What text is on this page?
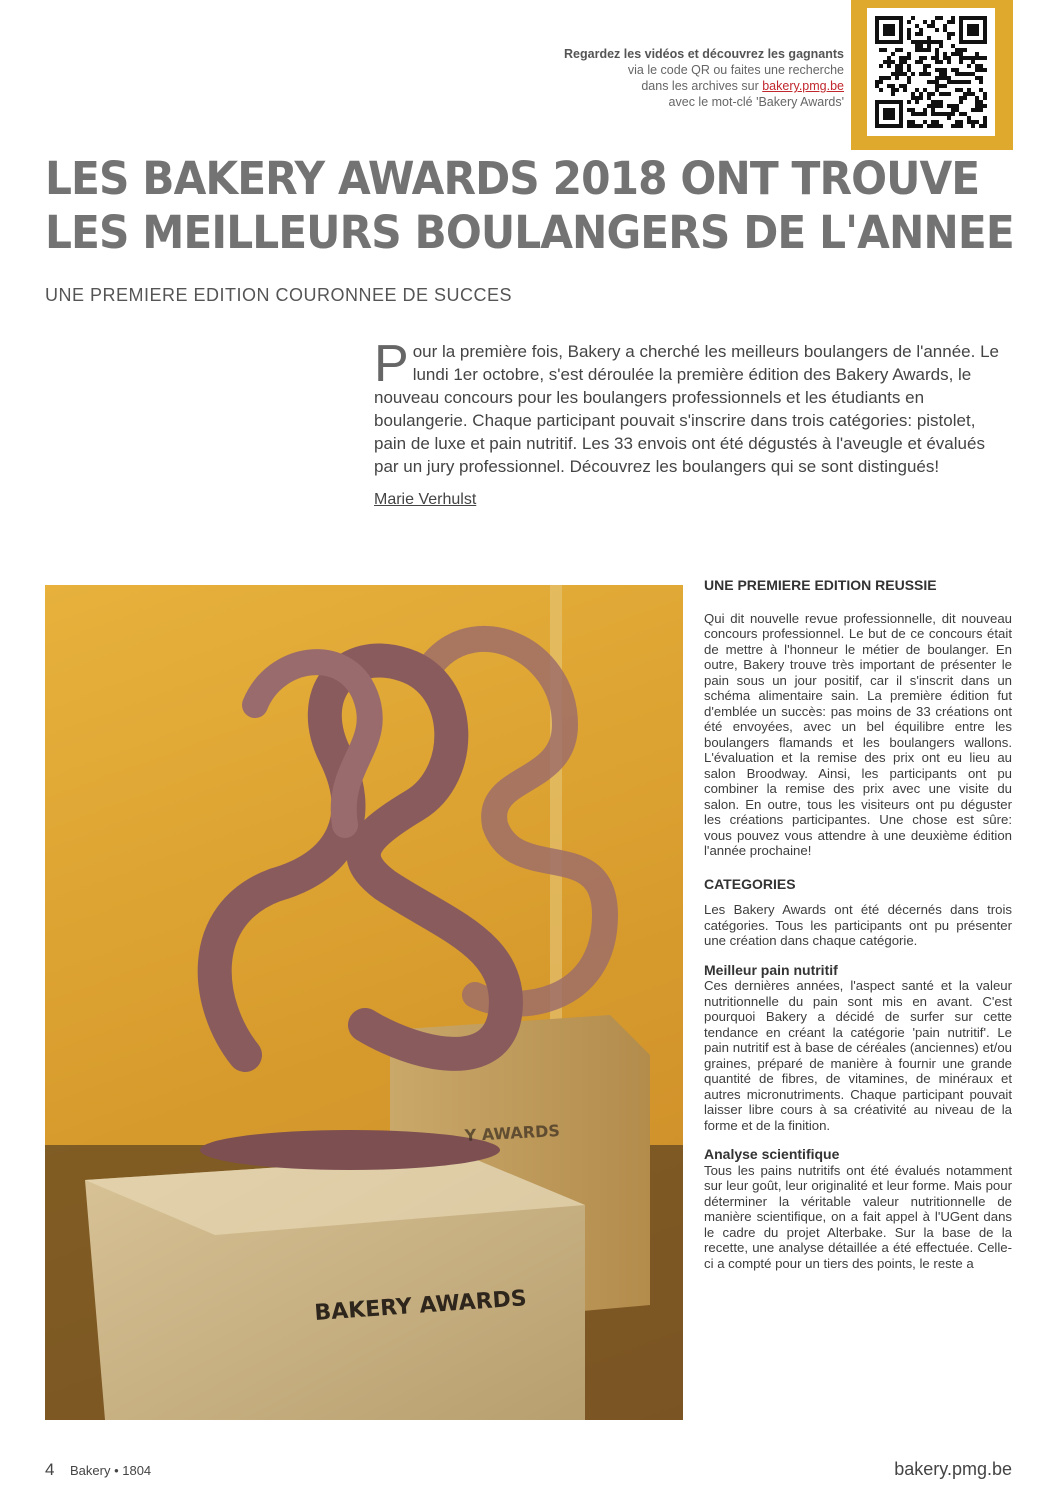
Regardez les vidéos et découvrez les gagnants
via le code QR ou faites une recherche
dans les archives sur bakery.pmg.be
avec le mot-clé 'Bakery Awards'
LES BAKERY AWARDS 2018 ONT TROUVE
LES MEILLEURS BOULANGERS DE L'ANNEE
UNE PREMIERE EDITION COURONNEE DE SUCCES

Pour la première fois, Bakery a cherché les meilleurs boulangers de l'année. Le lundi 1er octobre, s'est déroulée la première édition des Bakery Awards, le nouveau concours pour les boulangers professionnels et les étudiants en boulangerie. Chaque participant pouvait s'inscrire dans trois catégories: pistolet, pain de luxe et pain nutritif. Les 33 envois ont été dégustés à l'aveugle et évalués par un jury professionnel. Découvrez les boulangers qui se sont distingués!

Marie Verhulst
Y AWARDS
BAKERY AWARDS
UNE PREMIERE EDITION REUSSIE

Qui dit nouvelle revue professionnelle, dit nouveau concours professionnel. Le but de ce concours était de mettre à l'honneur le métier de boulanger. En outre, Bakery trouve très important de présenter le pain sous un jour positif, car il s'inscrit dans un schéma alimentaire sain. La première édition fut d'emblée un succès: pas moins de 33 créations ont été envoyées, avec un bel équilibre entre les boulangers flamands et les boulangers wallons. L'évaluation et la remise des prix ont eu lieu au salon Broodway. Ainsi, les participants ont pu combiner la remise des prix avec une visite du salon. En outre, tous les visiteurs ont pu déguster les créations participantes. Une chose est sûre: vous pouvez vous attendre à une deuxième édition l'année prochaine!

CATEGORIES

Les Bakery Awards ont été décernés dans trois catégories. Tous les participants ont pu présenter une création dans chaque catégorie.

Meilleur pain nutritif

Ces dernières années, l'aspect santé et la valeur nutritionnelle du pain sont mis en avant. C'est pourquoi Bakery a décidé de surfer sur cette tendance en créant la catégorie 'pain nutritif'. Le pain nutritif est à base de céréales (anciennes) et/ou graines, préparé de manière à fournir une grande quantité de fibres, de vitamines, de minéraux et autres micronutriments. Chaque participant pouvait laisser libre cours à sa créativité au niveau de la forme et de la finition.

Analyse scientifique

Tous les pains nutritifs ont été évalués notamment sur leur goût, leur originalité et leur forme. Mais pour déterminer la véritable valeur nutritionnelle de manière scientifique, on a fait appel à l'UGent dans le cadre du projet Alterbake. Sur la base de la recette, une analyse détaillée a été effectuée. Celle-ci a compté pour un tiers des points, le reste a

4 Bakery • 1804	bakery.pmg.be
